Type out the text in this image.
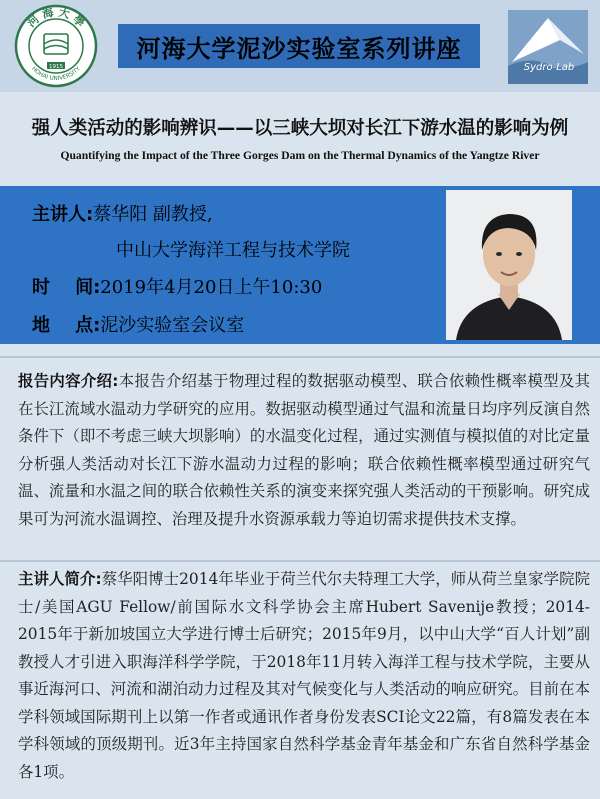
河 海 大 學
HOHAI UNIVERSITY
1915
河海大学泥沙实验室系列讲座
Sydro-Lab
强人类活动的影响辨识——以三峡大坝对长江下游水温的影响为例
Quantifying the Impact of the Three Gorges Dam on the Thermal Dynamics of the Yangtze River
主讲人:蔡华阳 副教授,
中山大学海洋工程与技术学院
时    间:2019年4月20日上午10:30
地    点:泥沙实验室会议室
报告内容介绍:本报告介绍基于物理过程的数据驱动模型、联合依赖性概率模型及其在长江流域水温动力学研究的应用。数据驱动模型通过气温和流量日均序列反演自然条件下（即不考虑三峡大坝影响）的水温变化过程，通过实测值与模拟值的对比定量分析强人类活动对长江下游水温动力过程的影响；联合依赖性概率模型通过研究气温、流量和水温之间的联合依赖性关系的演变来探究强人类活动的干预影响。研究成果可为河流水温调控、治理及提升水资源承载力等迫切需求提供技术支撑。
主讲人简介:蔡华阳博士2014年毕业于荷兰代尔夫特理工大学，师从荷兰皇家学院院士/美国AGU Fellow/前国际水文科学协会主席Hubert Savenije教授；2014-2015年于新加坡国立大学进行博士后研究；2015年9月，以中山大学“百人计划”副教授人才引进入职海洋科学学院，于2018年11月转入海洋工程与技术学院，主要从事近海河口、河流和湖泊动力过程及其对气候变化与人类活动的响应研究。目前在本学科领域国际期刊上以第一作者或通讯作者身份发表SCI论文22篇，有8篇发表在本学科领域的顶级期刊。近3年主持国家自然科学基金青年基金和广东省自然科学基金各1项。
